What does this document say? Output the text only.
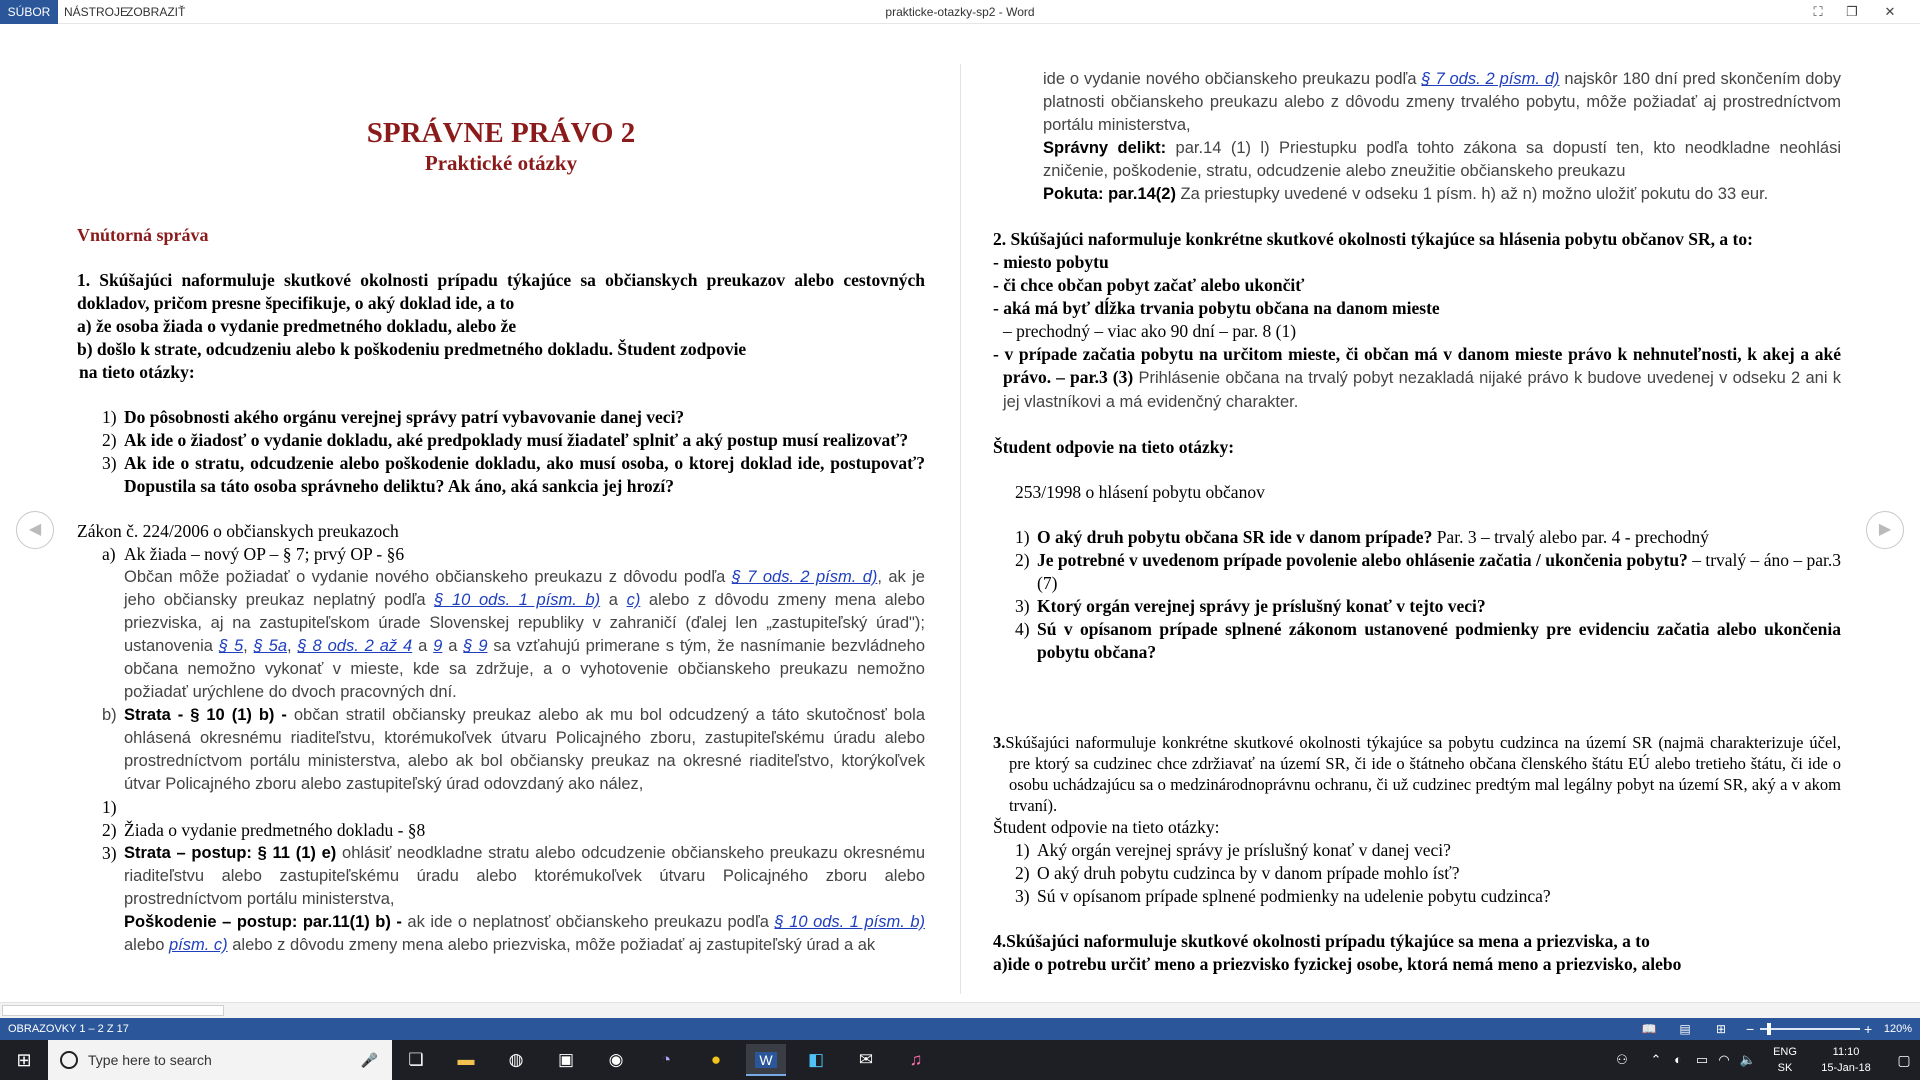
SÚBOR	NÁSTROJE
ZOBRAZIŤ	prakticke-otazky-sp2 - Word	⛶	❐	✕
◀	▶
SPRÁVNE PRÁVO 2
Praktické otázky
Vnútorná správa
1. Skúšajúci naformuluje skutkové okolnosti prípadu týkajúce sa občianskych preukazov alebo cestovných dokladov, pričom presne špecifikuje, o aký doklad ide, a to
a) že osoba žiada o vydanie predmetného dokladu, alebo že
b) došlo k strate, odcudzeniu alebo k poškodeniu predmetného dokladu. Študent zodpovie
na tieto otázky:
1) Do pôsobnosti akého orgánu verejnej správy patrí vybavovanie danej veci?
2) Ak ide o žiadosť o vydanie dokladu, aké predpoklady musí žiadateľ splniť a aký postup musí realizovať?
3) Ak ide o stratu, odcudzenie alebo poškodenie dokladu, ako musí osoba, o ktorej doklad ide, postupovať? Dopustila sa táto osoba správneho deliktu? Ak áno, aká sankcia jej hrozí?
Zákon č. 224/2006 o občianskych preukazoch
a) Ak žiada – nový OP – § 7; prvý OP - §6
Občan môže požiadať o vydanie nového občianskeho preukazu z dôvodu podľa § 7 ods. 2 písm. d), ak je jeho občiansky preukaz neplatný podľa § 10 ods. 1 písm. b) a c) alebo z dôvodu zmeny mena alebo priezviska, aj na zastupiteľskom úrade Slovenskej republiky v zahraničí (ďalej len „zastupiteľský úrad"); ustanovenia § 5, § 5a, § 8 ods. 2 až 4 a 9 a § 9 sa vzťahujú primerane s tým, že nasnímanie bezvládneho občana nemožno vykonať v mieste, kde sa zdržuje, a o vyhotovenie občianskeho preukazu nemožno požiadať urýchlene do dvoch pracovných dní.
b) Strata - § 10 (1) b) - občan stratil občiansky preukaz alebo ak mu bol odcudzený a táto skutočnosť bola ohlásená okresnému riaditeľstvu, ktorémukoľvek útvaru Policajného zboru, zastupiteľskému úradu alebo prostredníctvom portálu ministerstva, alebo ak bol občiansky preukaz na okresné riaditeľstvo, ktorýkoľvek útvar Policajného zboru alebo zastupiteľský úrad odovzdaný ako nález,
1)

2) Žiada o vydanie predmetného dokladu - §8
3) Strata – postup: § 11 (1) e) ohlásiť neodkladne stratu alebo odcudzenie občianskeho preukazu okresnému riaditeľstvu alebo zastupiteľskému úradu alebo ktorémukoľvek útvaru Policajného zboru alebo prostredníctvom portálu ministerstva,
Poškodenie – postup: par.11(1) b) - ak ide o neplatnosť občianskeho preukazu podľa § 10 ods. 1 písm. b) alebo písm. c) alebo z dôvodu zmeny mena alebo priezviska, môže požiadať aj zastupiteľský úrad a ak
ide o vydanie nového občianskeho preukazu podľa § 7 ods. 2 písm. d) najskôr 180 dní pred skončením doby platnosti občianskeho preukazu alebo z dôvodu zmeny trvalého pobytu, môže požiadať aj prostredníctvom portálu ministerstva,
Správny delikt: par.14 (1) l) Priestupku podľa tohto zákona sa dopustí ten, kto neodkladne neohlási zničenie, poškodenie, stratu, odcudzenie alebo zneužitie občianskeho preukazu
Pokuta: par.14(2) Za priestupky uvedené v odseku 1 písm. h) až n) možno uložiť pokutu do 33 eur.
2. Skúšajúci naformuluje konkrétne skutkové okolnosti týkajúce sa hlásenia pobytu občanov SR, a to:
- miesto pobytu
- či chce občan pobyt začať alebo ukončiť
- aká má byť dĺžka trvania pobytu občana na danom mieste
– prechodný – viac ako 90 dní – par. 8 (1)
- v prípade začatia pobytu na určitom mieste, či občan má v danom mieste právo k nehnuteľnosti, k akej a aké právo. – par.3 (3) Prihlásenie občana na trvalý pobyt nezakladá nijaké právo k budove uvedenej v odseku 2 ani k jej vlastníkovi a má evidenčný charakter.
Študent odpovie na tieto otázky:
253/1998 o hlásení pobytu občanov
1) O aký druh pobytu občana SR ide v danom prípade? Par. 3 – trvalý alebo par. 4 - prechodný
2) Je potrebné v uvedenom prípade povolenie alebo ohlásenie začatia / ukončenia pobytu? – trvalý – áno – par.3 (7)
3) Ktorý orgán verejnej správy je príslušný konať v tejto veci?
4) Sú v opísanom prípade splnené zákonom ustanovené podmienky pre evidenciu začatia alebo ukončenia pobytu občana?
3.Skúšajúci naformuluje konkrétne skutkové okolnosti týkajúce sa pobytu cudzinca na území SR (najmä charakterizuje účel, pre ktorý sa cudzinec chce zdržiavať na území SR, či ide o štátneho občana členského štátu EÚ alebo tretieho štátu, či ide o osobu uchádzajúcu sa o medzinárodnoprávnu ochranu, či už cudzinec predtým mal legálny pobyt na území SR, aký a v akom trvaní).
Študent odpovie na tieto otázky:
1) Aký orgán verejnej správy je príslušný konať v danej veci?
2) O aký druh pobytu cudzinca by v danom prípade mohlo ísť?
3) Sú v opísanom prípade splnené podmienky na udelenie pobytu cudzinca?
4.Skúšajúci naformuluje skutkové okolnosti prípadu týkajúce sa mena a priezviska, a to
a)ide o potrebu určiť meno a priezvisko fyzickej osobe, ktorá nemá meno a priezvisko, alebo
OBRAZOVKY 1 – 2 Z 17	📖 ▤	⊞ −	+ 120%
⊞	Type here to search	🎤	❏	▬	◍	▣	◉	◔	●	W	◧	✉	♫	⚇	⌃ ◐	▭ ◠ 🔈	ENG
SK
11:10
15-Jan-18	▢
